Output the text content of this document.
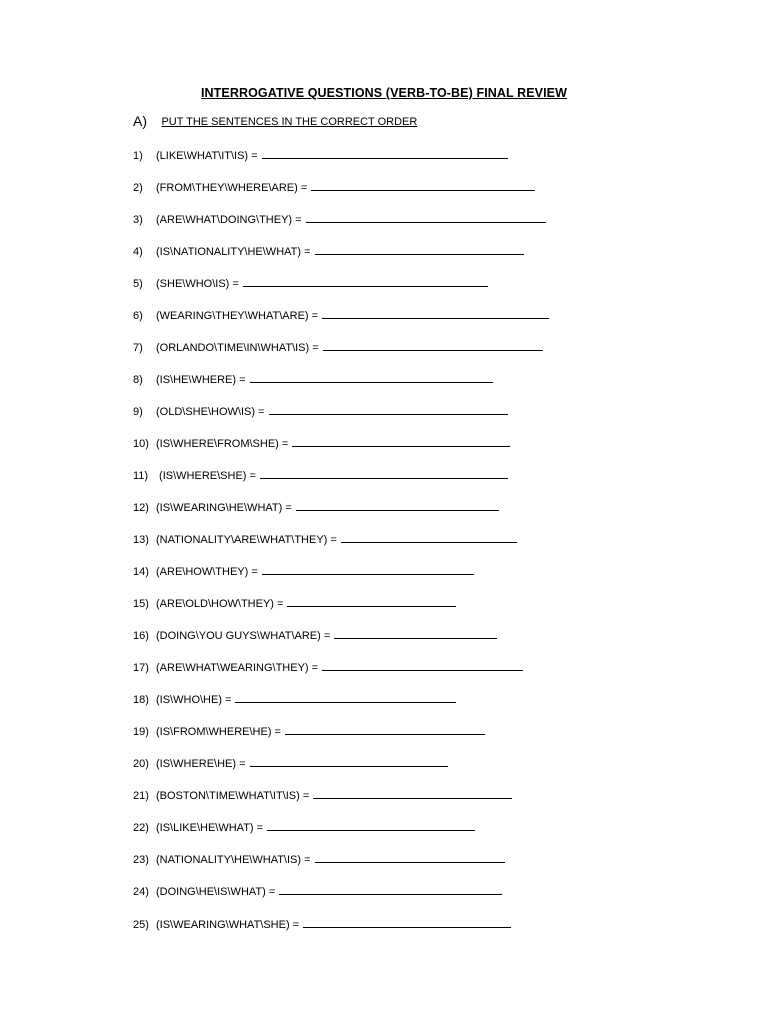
INTERROGATIVE QUESTIONS (VERB-TO-BE) FINAL REVIEW
A) PUT THE SENTENCES IN THE CORRECT ORDER
1) (LIKE\WHAT\IT\IS) =
2) (FROM\THEY\WHERE\ARE) =
3) (ARE\WHAT\DOING\THEY) =
4) (IS\NATIONALITY\HE\WHAT) =
5) (SHE\WHO\IS) =
6) (WEARING\THEY\WHAT\ARE) =
7) (ORLANDO\TIME\IN\WHAT\IS) =
8) (IS\HE\WHERE) =
9) (OLD\SHE\HOW\IS) =
10) (IS\WHERE\FROM\SHE) =
11) (IS\WHERE\SHE) =
12) (IS\WEARING\HE\WHAT) =
13) (NATIONALITY\ARE\WHAT\THEY) =
14) (ARE\HOW\THEY) =
15) (ARE\OLD\HOW\THEY) =
16) (DOING\YOU GUYS\WHAT\ARE) =
17) (ARE\WHAT\WEARING\THEY) =
18) (IS\WHO\HE) =
19) (IS\FROM\WHERE\HE) =
20) (IS\WHERE\HE) =
21) (BOSTON\TIME\WHAT\IT\IS) =
22) (IS\LIKE\HE\WHAT) =
23) (NATIONALITY\HE\WHAT\IS) =
24) (DOING\HE\IS\WHAT) =
25) (IS\WEARING\WHAT\SHE) =
